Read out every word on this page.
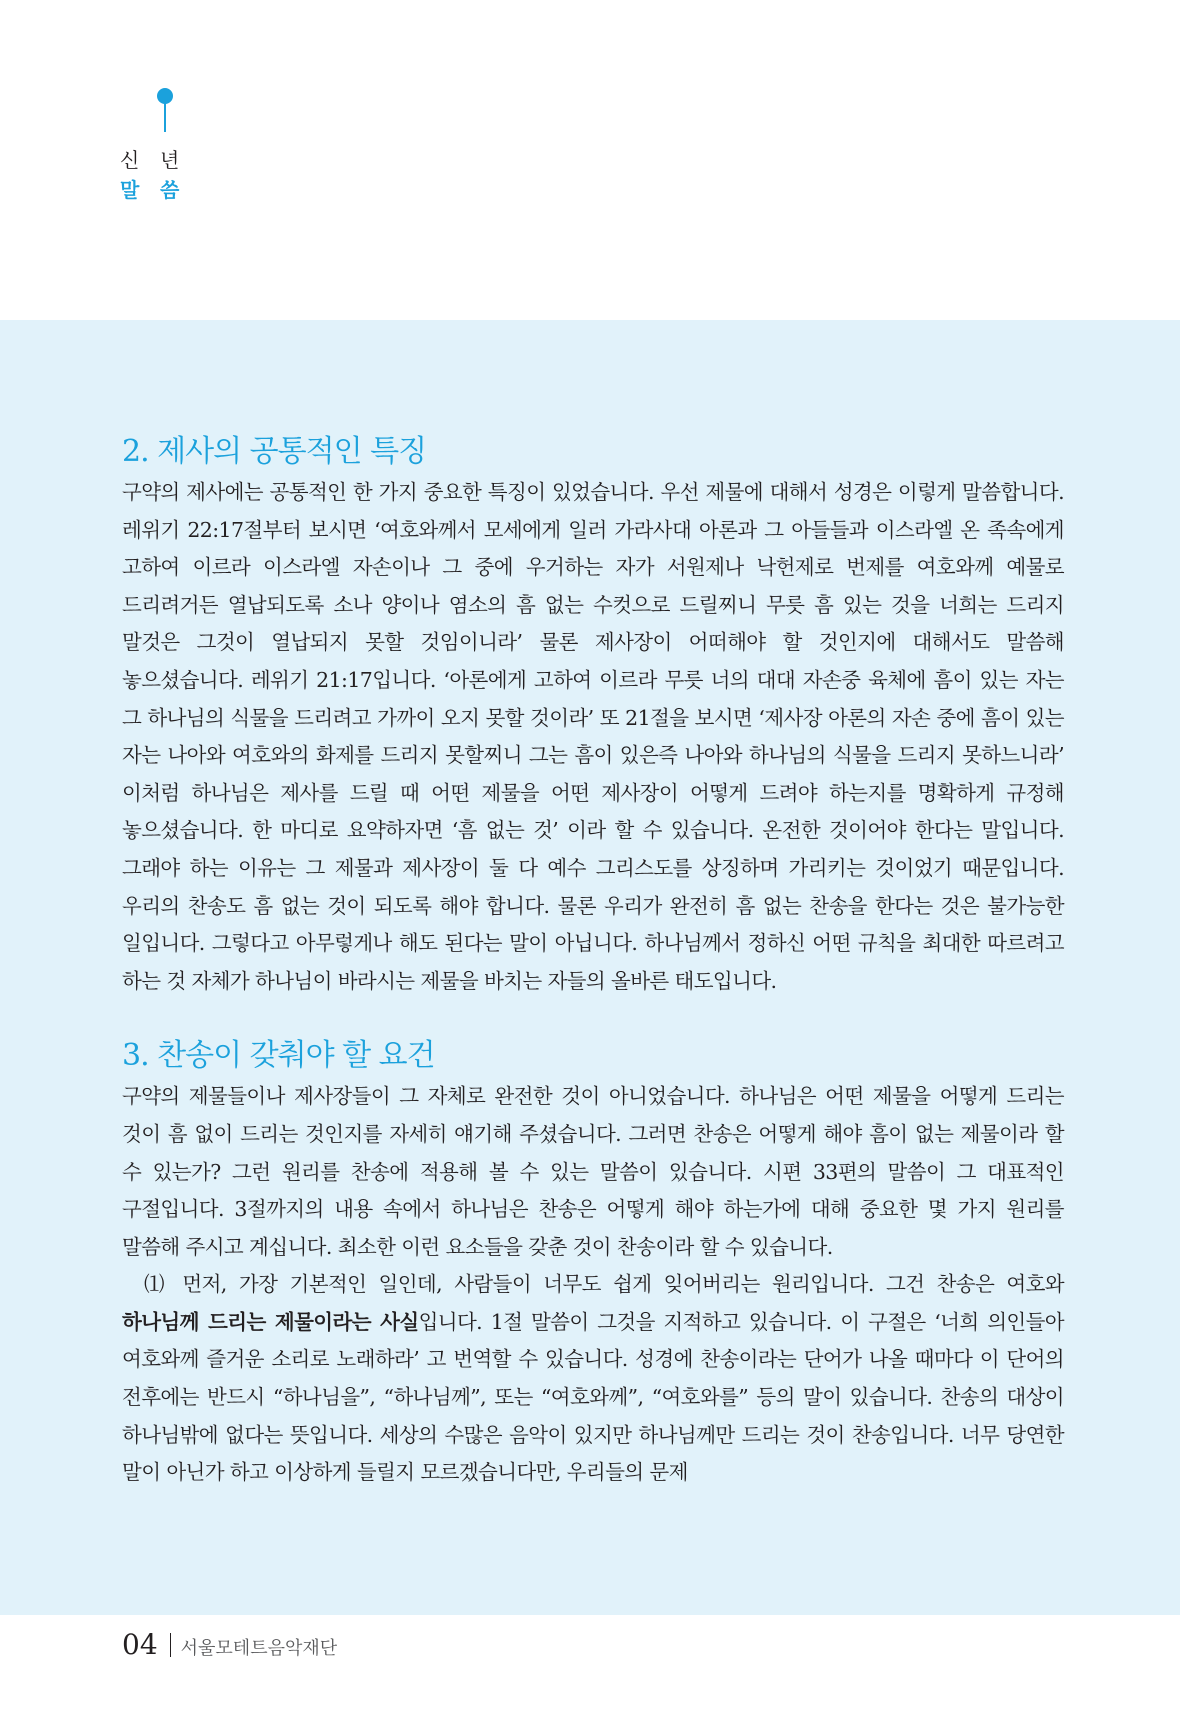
신 년
말 씀
2. 제사의 공통적인 특징

구약의 제사에는 공통적인 한 가지 중요한 특징이 있었습니다. 우선 제물에 대해서 성경은 이렇게 말씀합니다. 레위기 22:17절부터 보시면 ‘여호와께서 모세에게 일러 가라사대 아론과 그 아들들과 이스라엘 온 족속에게 고하여 이르라 이스라엘 자손이나 그 중에 우거하는 자가 서원제나 낙헌제로 번제를 여호와께 예물로 드리려거든 열납되도록 소나 양이나 염소의 흠 없는 수컷으로 드릴찌니 무릇 흠 있는 것을 너희는 드리지 말것은 그것이 열납되지 못할 것임이니라’ 물론 제사장이 어떠해야 할 것인지에 대해서도 말씀해 놓으셨습니다. 레위기 21:17입니다. ‘아론에게 고하여 이르라 무릇 너의 대대 자손중 육체에 흠이 있는 자는 그 하나님의 식물을 드리려고 가까이 오지 못할 것이라’ 또 21절을 보시면 ‘제사장 아론의 자손 중에 흠이 있는 자는 나아와 여호와의 화제를 드리지 못할찌니 그는 흠이 있은즉 나아와 하나님의 식물을 드리지 못하느니라’ 이처럼 하나님은 제사를 드릴 때 어떤 제물을 어떤 제사장이 어떻게 드려야 하는지를 명확하게 규정해 놓으셨습니다. 한 마디로 요약하자면 ‘흠 없는 것’ 이라 할 수 있습니다. 온전한 것이어야 한다는 말입니다. 그래야 하는 이유는 그 제물과 제사장이 둘 다 예수 그리스도를 상징하며 가리키는 것이었기 때문입니다. 우리의 찬송도 흠 없는 것이 되도록 해야 합니다. 물론 우리가 완전히 흠 없는 찬송을 한다는 것은 불가능한 일입니다. 그렇다고 아무렇게나 해도 된다는 말이 아닙니다. 하나님께서 정하신 어떤 규칙을 최대한 따르려고 하는 것 자체가 하나님이 바라시는 제물을 바치는 자들의 올바른 태도입니다.

3. 찬송이 갖춰야 할 요건

구약의 제물들이나 제사장들이 그 자체로 완전한 것이 아니었습니다. 하나님은 어떤 제물을 어떻게 드리는 것이 흠 없이 드리는 것인지를 자세히 얘기해 주셨습니다. 그러면 찬송은 어떻게 해야 흠이 없는 제물이라 할 수 있는가? 그런 원리를 찬송에 적용해 볼 수 있는 말씀이 있습니다. 시편 33편의 말씀이 그 대표적인 구절입니다. 3절까지의 내용 속에서 하나님은 찬송은 어떻게 해야 하는가에 대해 중요한 몇 가지 원리를 말씀해 주시고 계십니다. 최소한 이런 요소들을 갖춘 것이 찬송이라 할 수 있습니다.

⑴ 먼저, 가장 기본적인 일인데, 사람들이 너무도 쉽게 잊어버리는 원리입니다. 그건 찬송은 여호와 하나님께 드리는 제물이라는 사실입니다. 1절 말씀이 그것을 지적하고 있습니다. 이 구절은 ‘너희 의인들아 여호와께 즐거운 소리로 노래하라’ 고 번역할 수 있습니다. 성경에 찬송이라는 단어가 나올 때마다 이 단어의 전후에는 반드시 “하나님을”, “하나님께”, 또는 “여호와께”, “여호와를” 등의 말이 있습니다. 찬송의 대상이 하나님밖에 없다는 뜻입니다. 세상의 수많은 음악이 있지만 하나님께만 드리는 것이 찬송입니다. 너무 당연한 말이 아닌가 하고 이상하게 들릴지 모르겠습니다만, 우리들의 문제

04 서울모테트음악재단
